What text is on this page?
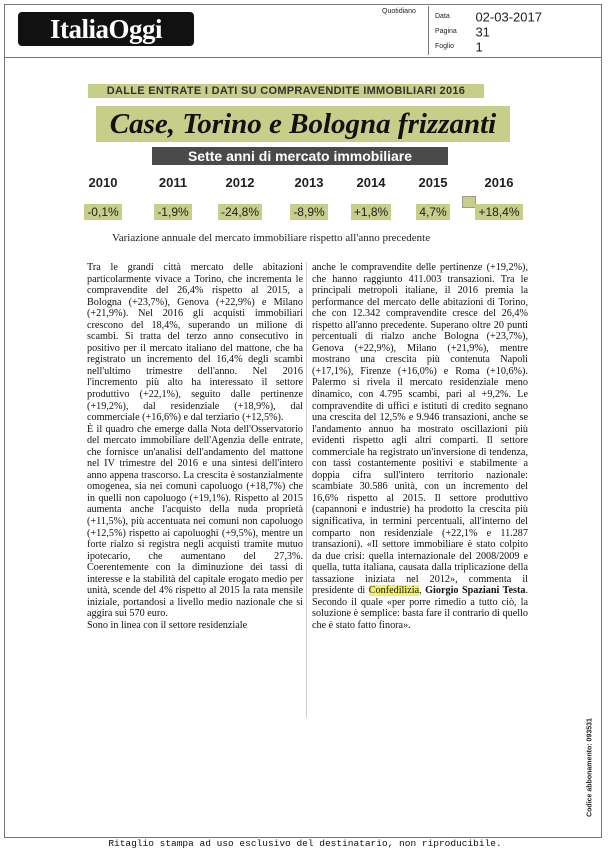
ItaliaOggi
Quotidiano
Data 02-03-2017
Pagina 31
Foglio 1
DALLE ENTRATE I DATI SU COMPRAVENDITE IMMOBILIARI 2016
Case, Torino e Bologna frizzanti
Sette anni di mercato immobiliare
2010
-0,1%
2011
-1,9%
2012
-24,8%
2013
-8,9%
2014
+1,8%
2015
4,7%
2016
+18,4%
Variazione annuale del mercato immobiliare rispetto all'anno precedente

Tra le grandi città mercato delle abitazioni particolarmente vivace a Torino, che incrementa le compravendite del 26,4% rispetto al 2015, a Bologna (+23,7%), Genova (+22,9%) e Milano (+21,9%). Nel 2016 gli acquisti immobiliari crescono del 18,4%, superando un milione di scambi. Si tratta del terzo anno consecutivo in positivo per il mercato italiano del mattone, che ha registrato un incremento del 16,4% degli scambi nell'ultimo trimestre dell'anno. Nel 2016 l'incremento più alto ha interessato il settore produttivo (+22,1%), seguito dalle pertinenze (+19,2%), dal residenziale (+18,9%), dal commerciale (+16,6%) e dal terziario (+12,5%).

È il quadro che emerge dalla Nota dell'Osservatorio del mercato immobiliare dell'Agenzia delle entrate, che fornisce un'analisi dell'andamento del mattone nel IV trimestre del 2016 e una sintesi dell'intero anno appena trascorso. La crescita è sostanzialmente omogenea, sia nei comuni capoluogo (+18,7%) che in quelli non capoluogo (+19,1%). Rispetto al 2015 aumenta anche l'acquisto della nuda proprietà (+11,5%), più accentuata nei comuni non capoluogo (+12,5%) rispetto ai capoluoghi (+9,5%), mentre un forte rialzo si registra negli acquisti tramite mutuo ipotecario, che aumentano del 27,3%. Coerentemente con la diminuzione dei tassi di interesse e la stabilità del capitale erogato medio per unità, scende del 4% rispetto al 2015 la rata mensile iniziale, portandosi a livello medio nazionale che si aggira sui 570 euro.

Sono in linea con il settore residenziale

anche le compravendite delle pertinenze (+19,2%), che hanno raggiunto 411.003 transazioni. Tra le principali metropoli italiane, il 2016 premia la performance del mercato delle abitazioni di Torino, che con 12.342 compravendite cresce del 26,4% rispetto all'anno precedente. Superano oltre 20 punti percentuali di rialzo anche Bologna (+23,7%), Genova (+22,9%), Milano (+21,9%), mentre mostrano una crescita più contenuta Napoli (+17,1%), Firenze (+16,0%) e Roma (+10,6%). Palermo si rivela il mercato residenziale meno dinamico, con 4.795 scambi, pari al +9,2%. Le compravendite di uffici e istituti di credito segnano una crescita del 12,5% e 9.946 transazioni, anche se l'andamento annuo ha mostrato oscillazioni più evidenti rispetto agli altri comparti. Il settore commerciale ha registrato un'inversione di tendenza, con tassi costantemente positivi e stabilmente a doppia cifra sull'intero territorio nazionale: scambiate 30.586 unità, con un incremento del 16,6% rispetto al 2015. Il settore produttivo (capannoni e industrie) ha prodotto la crescita più significativa, in termini percentuali, all'interno del comparto non residenziale (+22,1% e 11.287 transazioni). «Il settore immobiliare è stato colpito da due crisi: quella internazionale del 2008/2009 e quella, tutta italiana, causata dalla triplicazione della tassazione iniziata nel 2012», commenta il presidente di Confedilizia, Giorgio Spaziani Testa. Secondo il quale «per porre rimedio a tutto ciò, la soluzione è semplice: basta fare il contrario di quello che è stato fatto finora».

Codice abbonamento: 093531
Ritaglio stampa ad uso esclusivo del destinatario, non riproducibile.
